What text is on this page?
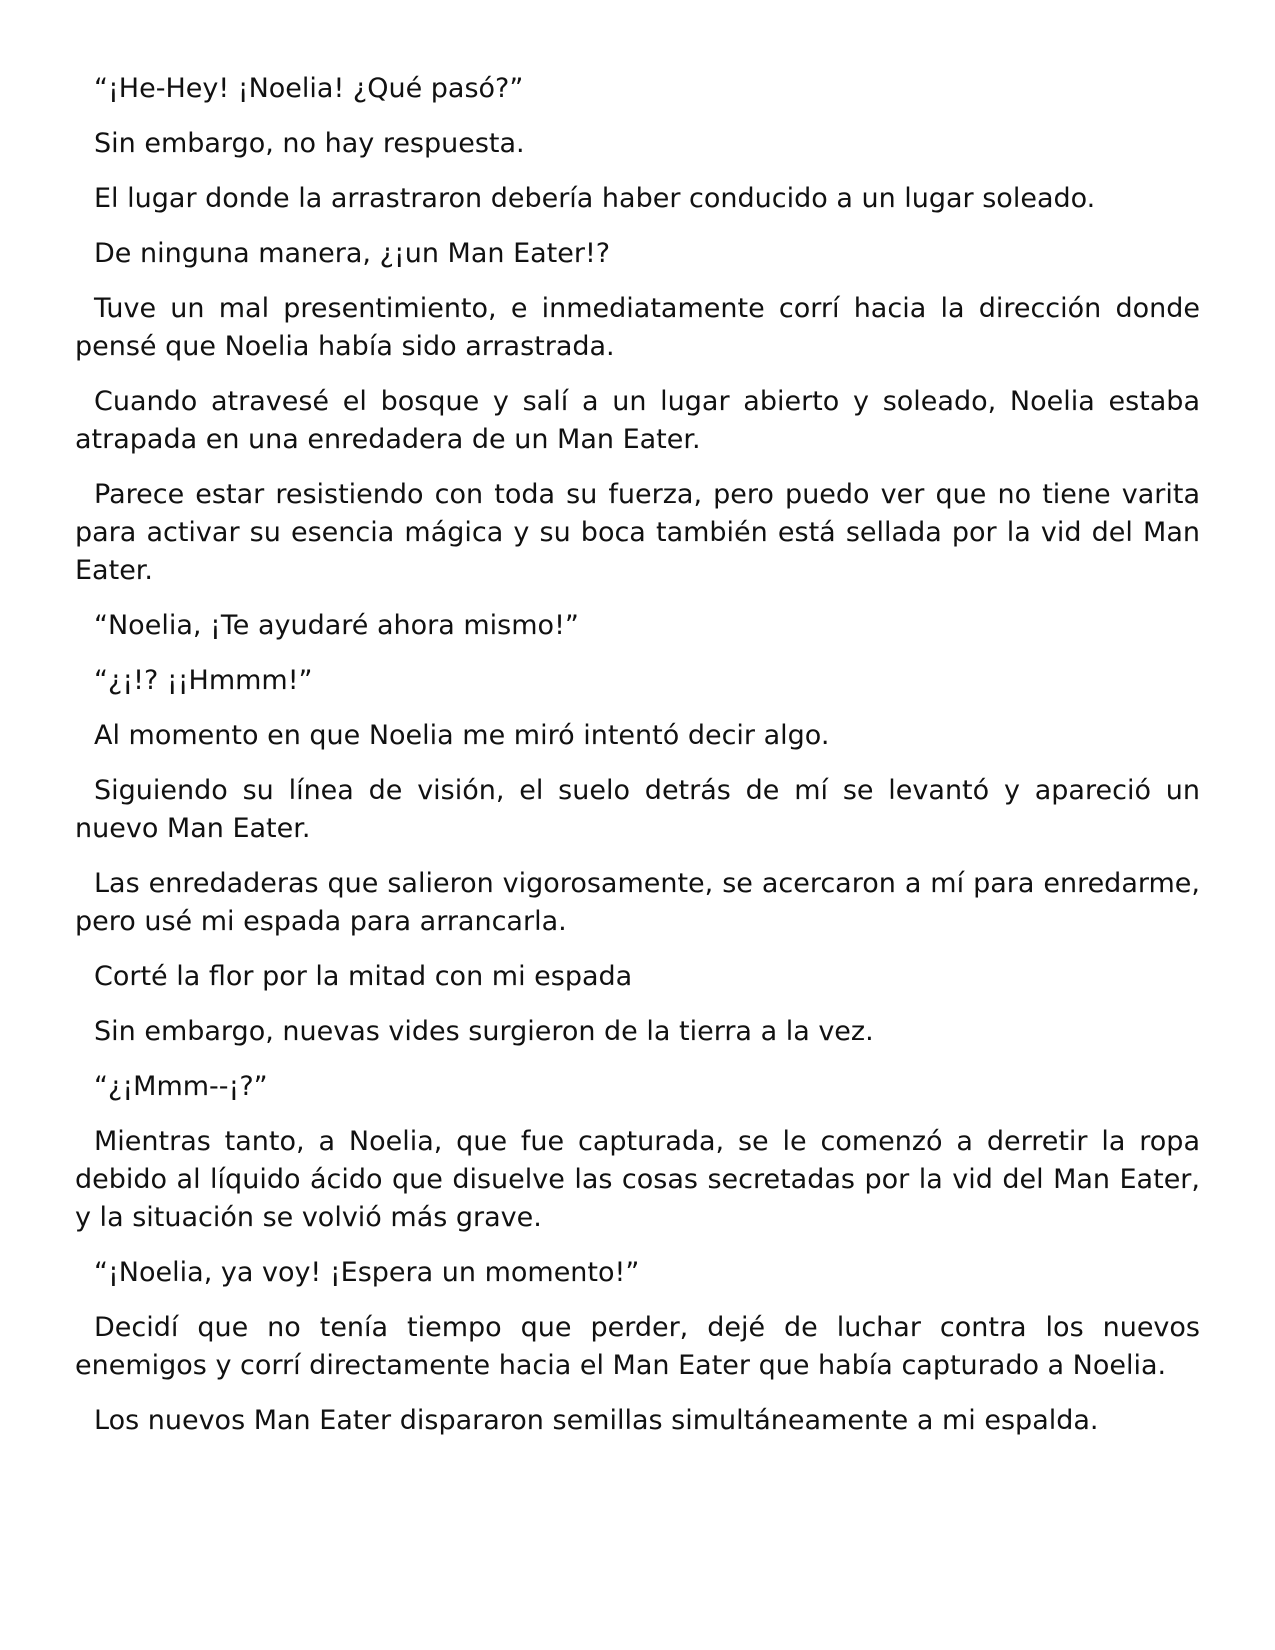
“¡He-Hey! ¡Noelia! ¿Qué pasó?”

Sin embargo, no hay respuesta.

El lugar donde la arrastraron debería haber conducido a un lugar soleado.

De ninguna manera, ¿¡un Man Eater!?

Tuve un mal presentimiento, e inmediatamente corrí hacia la dirección donde pensé que Noelia había sido arrastrada.

Cuando atravesé el bosque y salí a un lugar abierto y soleado, Noelia estaba atrapada en una enredadera de un Man Eater.

Parece estar resistiendo con toda su fuerza, pero puedo ver que no tiene varita para activar su esencia mágica y su boca también está sellada por la vid del Man Eater.

“Noelia, ¡Te ayudaré ahora mismo!”

“¿¡!? ¡¡Hmmm!”

Al momento en que Noelia me miró intentó decir algo.

Siguiendo su línea de visión, el suelo detrás de mí se levantó y apareció un nuevo Man Eater.

Las enredaderas que salieron vigorosamente, se acercaron a mí para enredarme, pero usé mi espada para arrancarla.

Corté la flor por la mitad con mi espada

Sin embargo, nuevas vides surgieron de la tierra a la vez.

“¿¡Mmm--¡?”

Mientras tanto, a Noelia, que fue capturada, se le comenzó a derretir la ropa debido al líquido ácido que disuelve las cosas secretadas por la vid del Man Eater, y la situación se volvió más grave.

“¡Noelia, ya voy! ¡Espera un momento!”

Decidí que no tenía tiempo que perder, dejé de luchar contra los nuevos enemigos y corrí directamente hacia el Man Eater que había capturado a Noelia.

Los nuevos Man Eater dispararon semillas simultáneamente a mi espalda.
